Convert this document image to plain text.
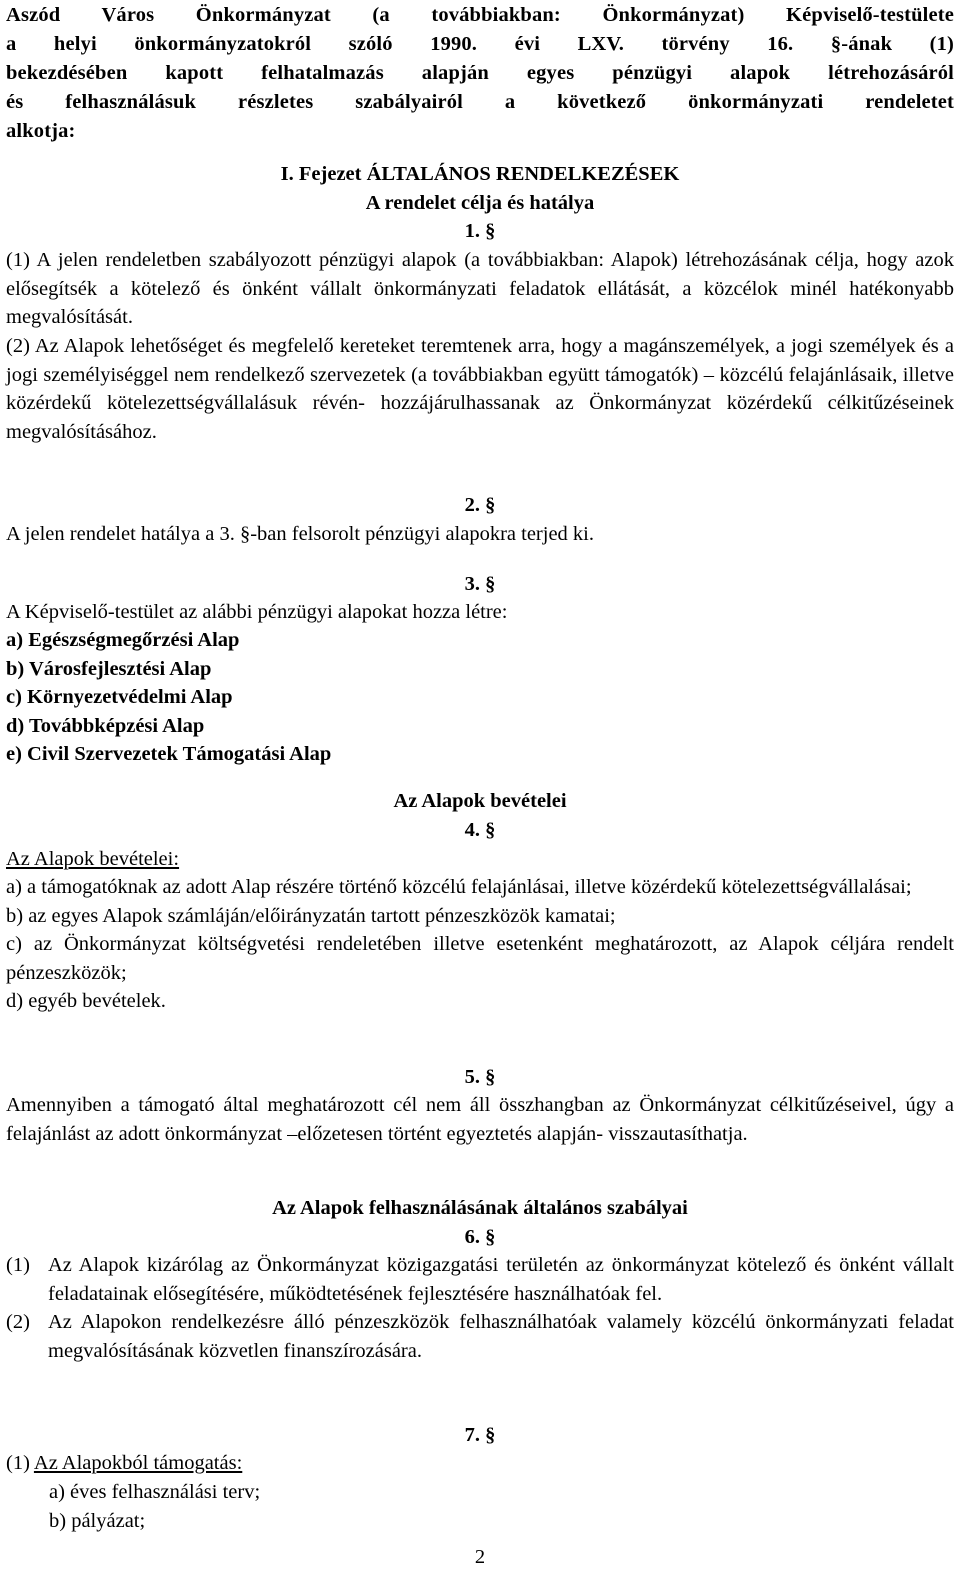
Aszód Város Önkormányzat (a továbbiakban: Önkormányzat) Képviselő-testülete

a helyi önkormányzatokról szóló 1990. évi LXV. törvény 16. §-ának (1)

bekezdésében kapott felhatalmazás alapján egyes pénzügyi alapok létrehozásáról

és felhasználásuk részletes szabályairól a következő önkormányzati rendeletet

alkotja:

I. Fejezet ÁLTALÁNOS RENDELKEZÉSEK

A rendelet célja és hatálya

1. §

(1) A jelen rendeletben szabályozott pénzügyi alapok (a továbbiakban: Alapok) létrehozásának célja, hogy azok elősegítsék a kötelező és önként vállalt önkormányzati feladatok ellátását, a közcélok minél hatékonyabb megvalósítását.

(2) Az Alapok lehetőséget és megfelelő kereteket teremtenek arra, hogy a magánszemélyek, a jogi személyek és a jogi személyiséggel nem rendelkező szervezetek (a továbbiakban együtt támogatók) – közcélú felajánlásaik, illetve közérdekű kötelezettségvállalásuk révén- hozzájárulhassanak az Önkormányzat közérdekű célkitűzéseinek megvalósításához.

2. §

A jelen rendelet hatálya a 3. §-ban felsorolt pénzügyi alapokra terjed ki.

3. §

A Képviselő-testület az alábbi pénzügyi alapokat hozza létre:

a) Egészségmegőrzési Alap

b) Városfejlesztési Alap

c) Környezetvédelmi Alap

d) Továbbképzési Alap

e) Civil Szervezetek Támogatási Alap

Az Alapok bevételei

4. §

Az Alapok bevételei:

a) a támogatóknak az adott Alap részére történő közcélú felajánlásai, illetve közérdekű kötelezettségvállalásai;

b) az egyes Alapok számláján/előirányzatán tartott pénzeszközök kamatai;

c) az Önkormányzat költségvetési rendeletében illetve esetenként meghatározott, az Alapok céljára rendelt pénzeszközök;

d) egyéb bevételek.

5. §

Amennyiben a támogató által meghatározott cél nem áll összhangban az Önkormányzat célkitűzéseivel, úgy a felajánlást az adott önkormányzat –előzetesen történt egyeztetés alapján- visszautasíthatja.

Az Alapok felhasználásának általános szabályai

6. §

(1) Az Alapok kizárólag az Önkormányzat közigazgatási területén az önkormányzat kötelező és önként vállalt feladatainak elősegítésére, működtetésének fejlesztésére használhatóak fel.

(2) Az Alapokon rendelkezésre álló pénzeszközök felhasználhatóak valamely közcélú önkormányzati feladat megvalósításának közvetlen finanszírozására.

7. §

(1) Az Alapokból támogatás:

a) éves felhasználási terv;

b) pályázat;

2
